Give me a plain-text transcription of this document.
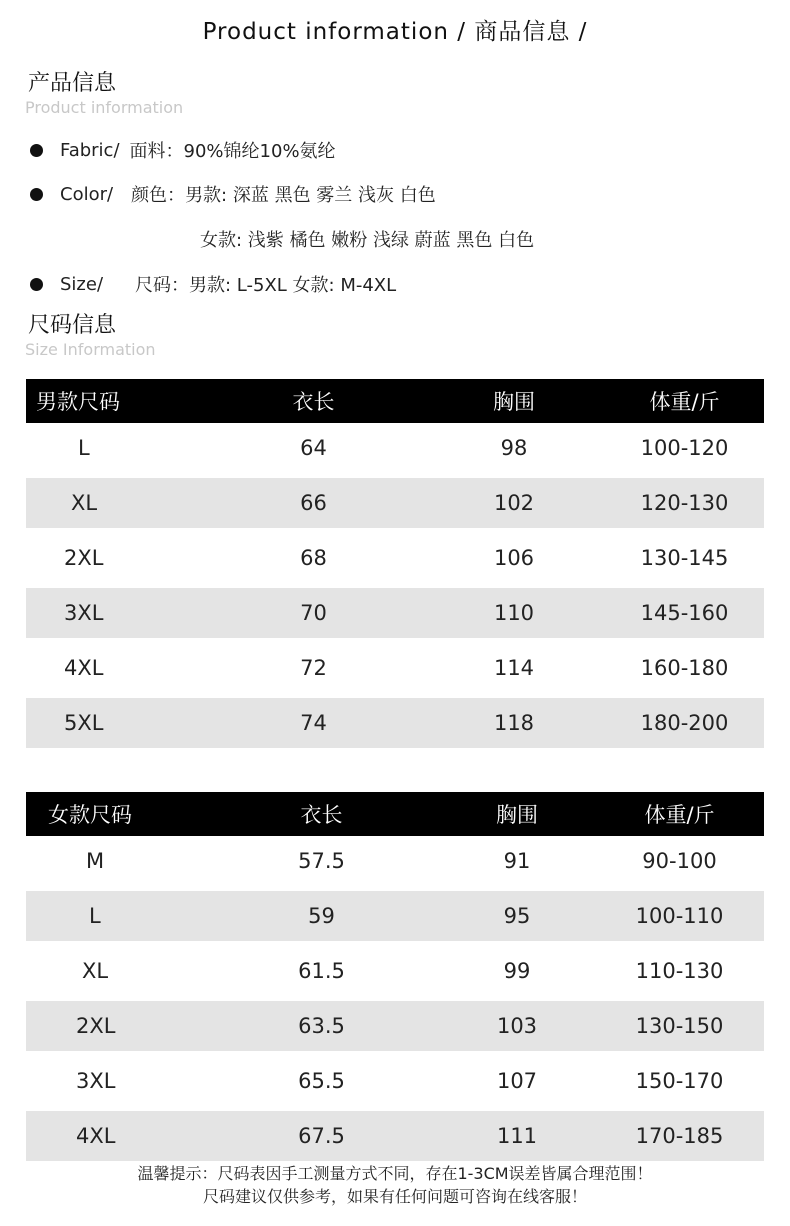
Product information / 商品信息 /
产品信息
Product information
Fabric/ 面料： 90%锦纶10%氨纶
Color/ 颜色： 男款: 深蓝 黑色 雾兰 浅灰 白色
女款: 浅紫 橘色 嫩粉 浅绿 蔚蓝 黑色 白色
Size/ 尺码： 男款: L-5XL 女款: M-4XL
尺码信息
Size Information
男款尺码	衣长	胸围	体重/斤
L	64	98	100-120

XL	66	102	120-130

2XL	68	106	130-145

3XL	70	110	145-160

4XL	72	114	160-180

5XL	74	118	180-200
女款尺码	衣长	胸围	体重/斤
M	57.5	91	90-100

L	59	95	100-110

XL	61.5	99	110-130

2XL	63.5	103	130-150

3XL	65.5	107	150-170

4XL	67.5	111	170-185
温馨提示：尺码表因手工测量方式不同，存在1-3CM误差皆属合理范围！
尺码建议仅供参考，如果有任何问题可咨询在线客服！
